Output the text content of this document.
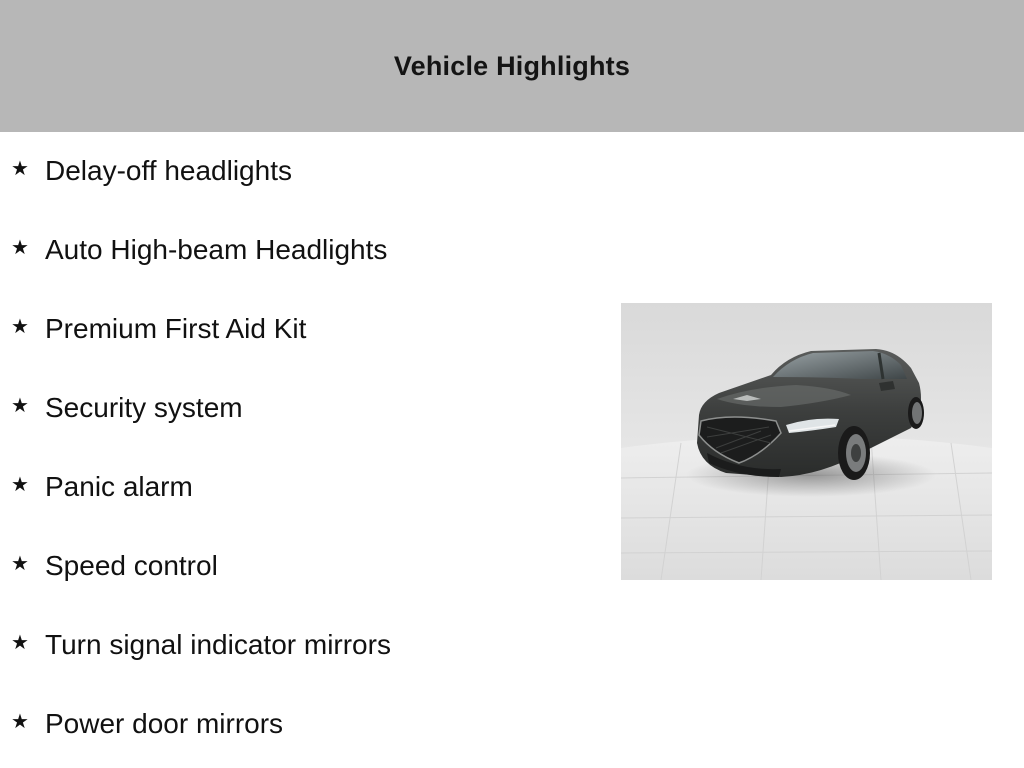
Vehicle Highlights
★ Delay-off headlights
★ Auto High-beam Headlights
★ Premium First Aid Kit
★ Security system
★ Panic alarm
★ Speed control
★ Turn signal indicator mirrors
★ Power door mirrors
